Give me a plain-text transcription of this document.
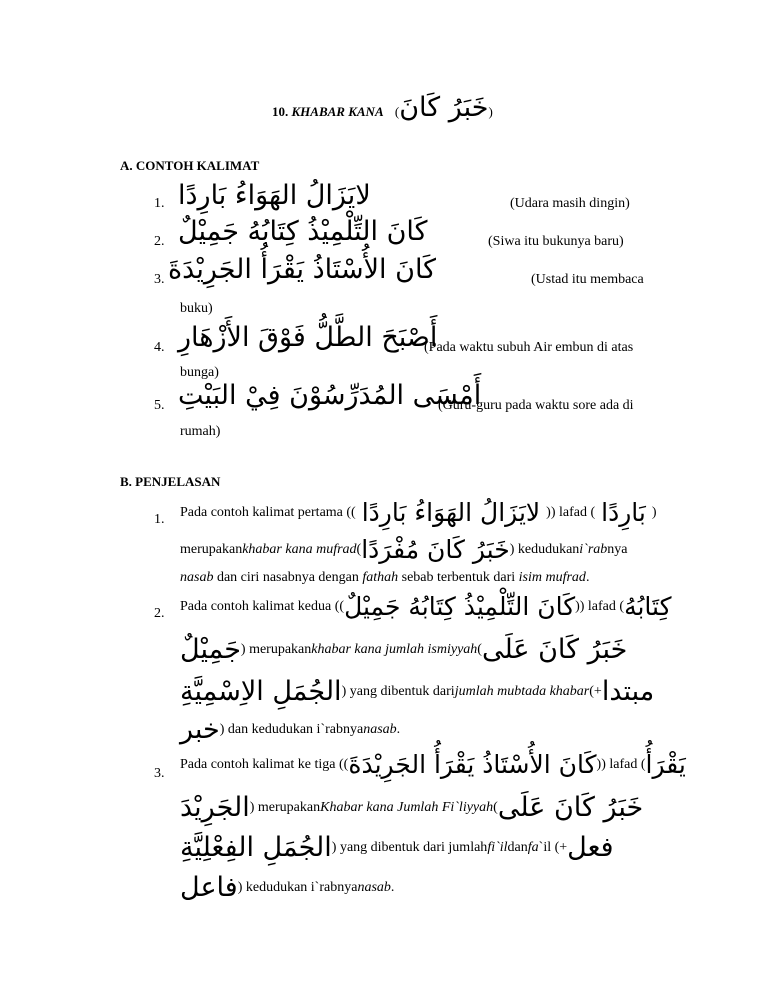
10. KHABAR KANA (خَبَرُ كَانَ)
A. CONTOH KALIMAT
1. لايَزَالُ الهَوَاءُ بَارِدًا	(Udara masih dingin)
2. كَانَ التِّلْمِيْذُ كِتَابُهُ جَمِيْلٌ	(Siwa itu bukunya baru)
3. كَانَ الأُسْتَاذُ يَقْرَأُ الجَرِيْدَةَ	(Ustad itu membaca
buku)
4. أَصْبَحَ الطَّلُّ فَوْقَ الأَزْهَارِ
(Pada waktu subuh Air embun di atas
bunga)
5. أَمْسَى المُدَرِّسُوْنَ فِيْ البَيْتِ
(Guru-guru pada waktu sore ada di
rumah)
B. PENJELASAN
1. Pada contoh kalimat pertama (( لايَزَالُ الهَوَاءُ بَارِدًا )) lafad ( بَارِدًا )
merupakan khabar kana mufrad ( خَبَرُ كَانَ مُفْرَدًا ) kedudukan i`rab nya
nasab dan ciri nasabnya dengan fathah sebab terbentuk dari isim mufrad.
2. Pada contoh kalimat kedua (( كَانَ التِّلْمِيْذُ كِتَابُهُ جَمِيْلٌ )) lafad ( كِتَابُهُ
جَمِيْلٌ ) merupakan khabar kana jumlah ismiyyah ( خَبَرُ كَانَ عَلَى
الجُمَلِ الاِسْمِيَّةِ ) yang dibentuk dari jumlah mubtada khabar (+ مبتدا
خبر ) dan kedudukan i`rabnya nasab .
3.
Pada contoh kalimat ke tiga (( كَانَ الأُسْتَاذُ يَقْرَأُ الجَرِيْدَةَ )) lafad ( يَقْرَأُ
الجَرِيْدَ ) merupakan Khabar kana Jumlah Fi`liyyah ( خَبَرُ كَانَ عَلَى
الجُمَلِ الفِعْلِيَّةِ ) yang dibentuk dari jumlah fi`il dan fa `il (+ فعل
فاعل ) kedudukan i`rabnya nasab .
